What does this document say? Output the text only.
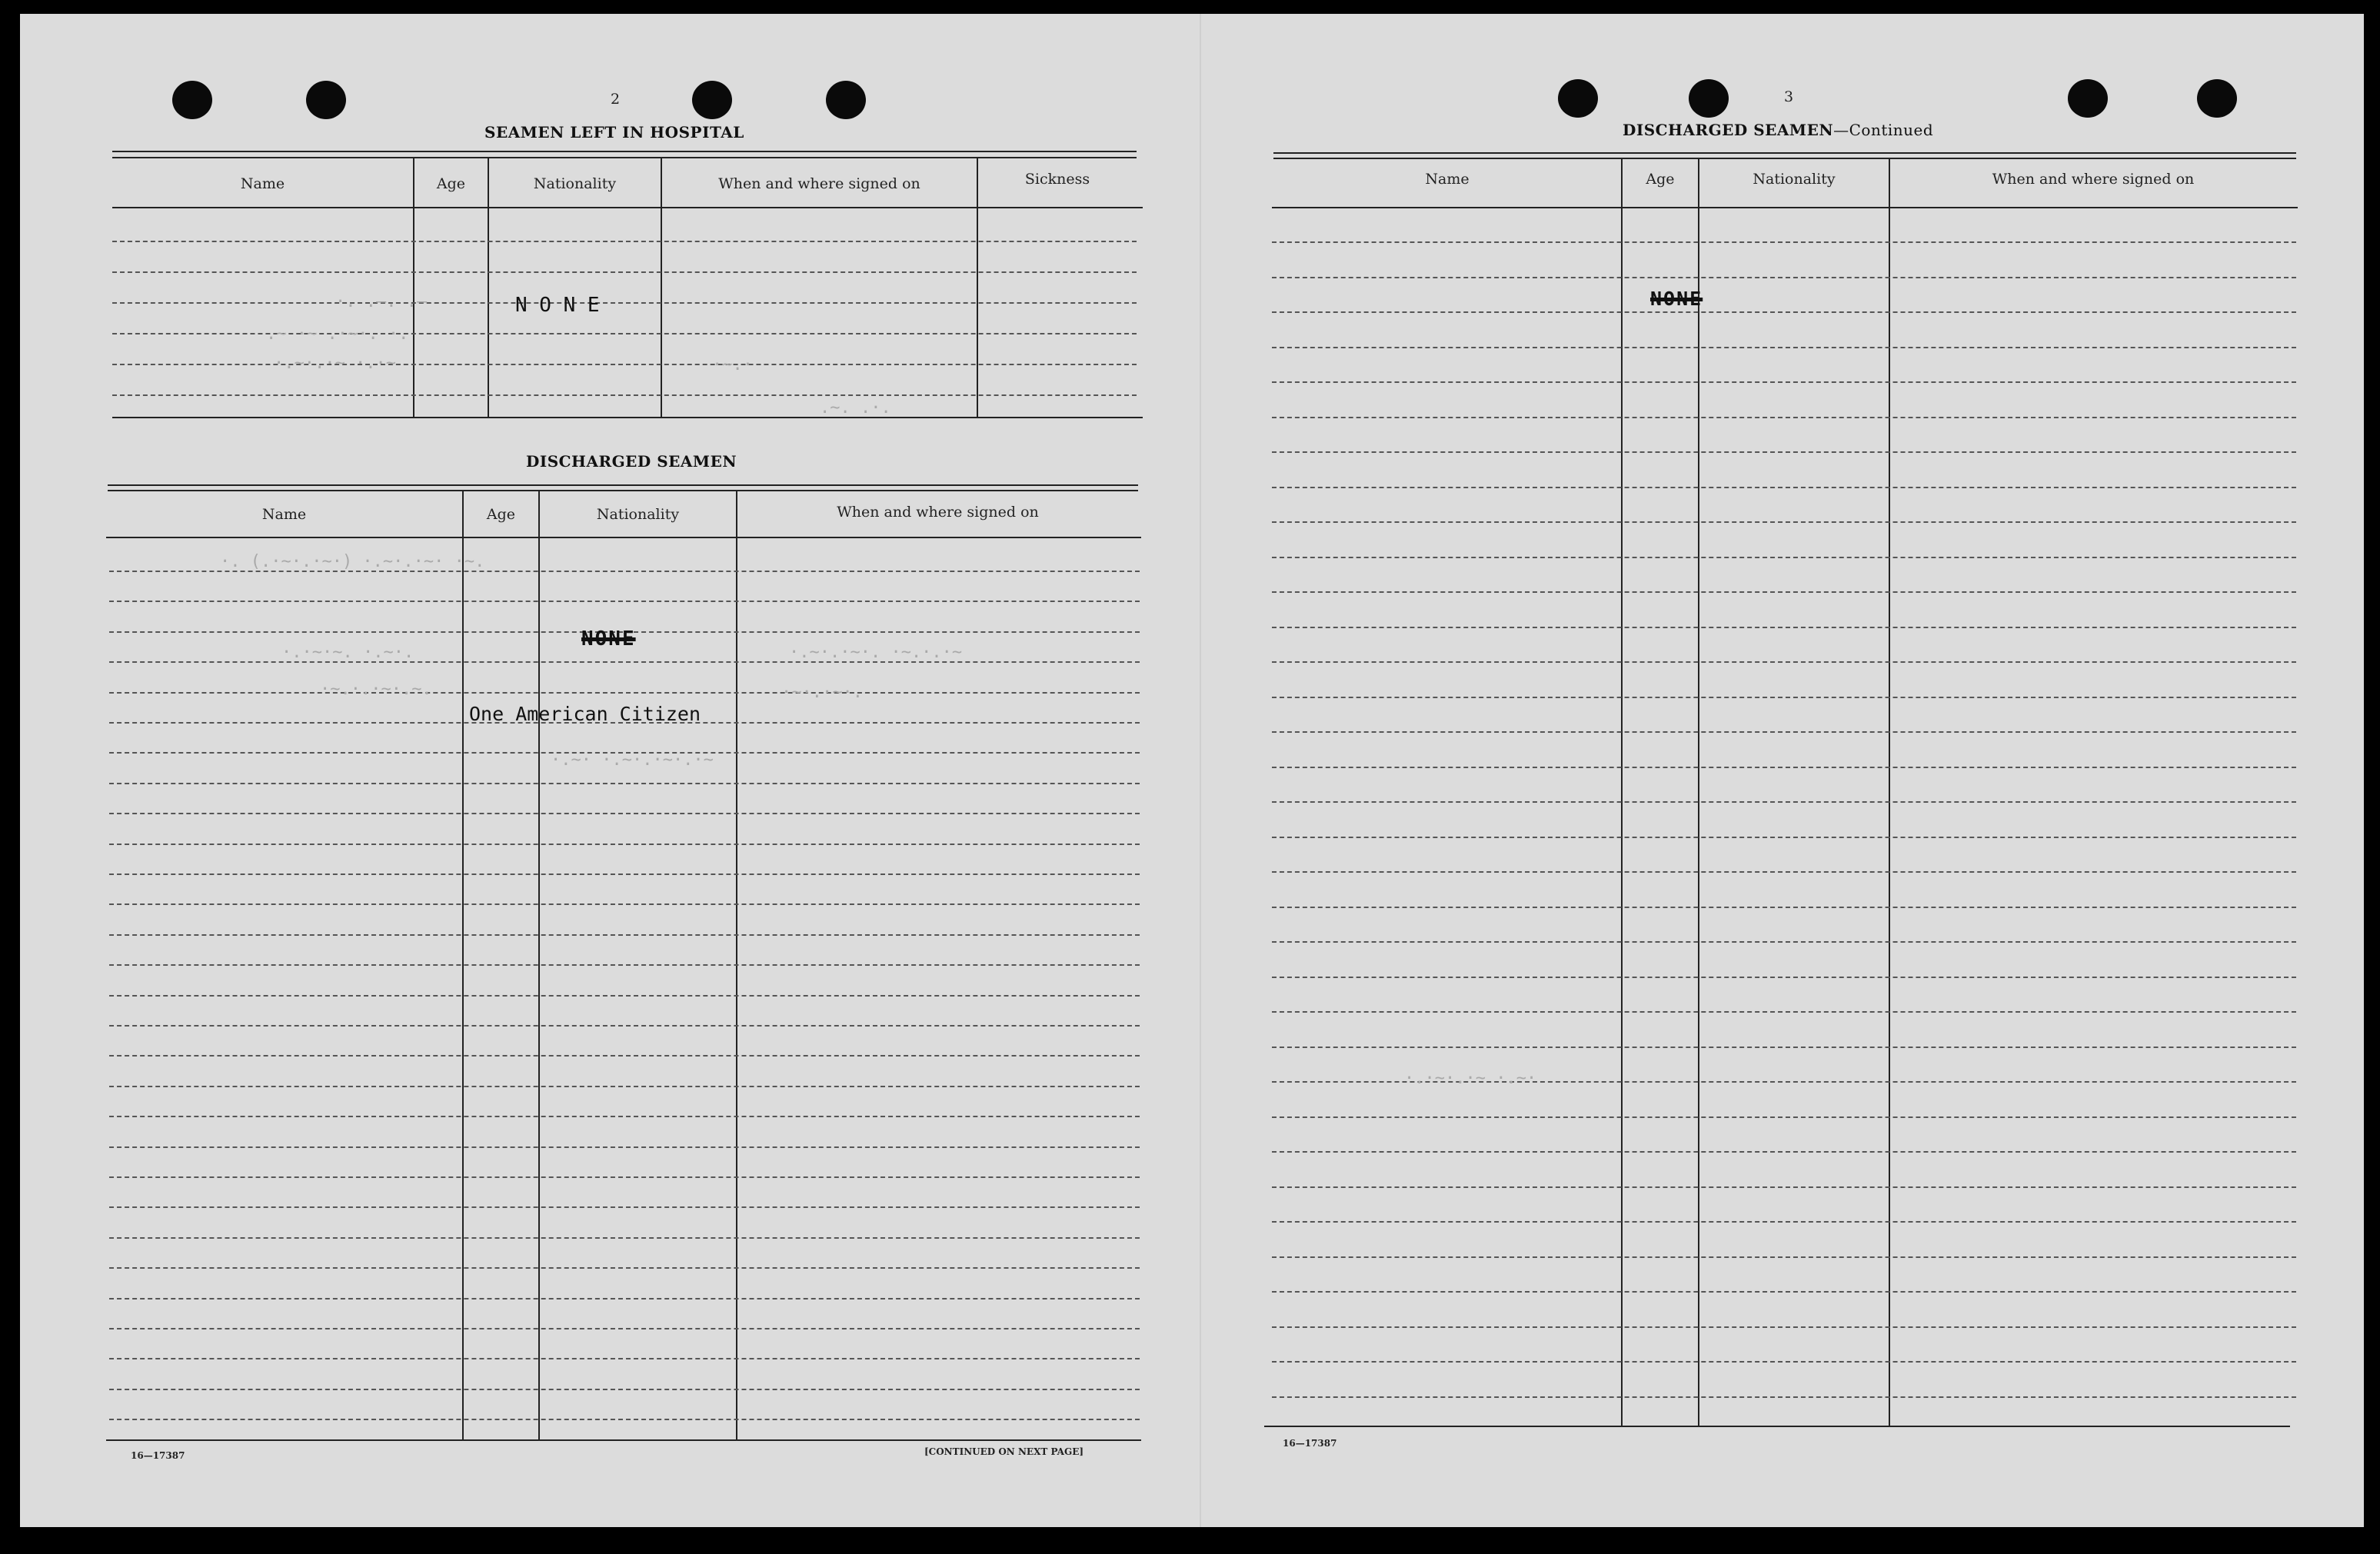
2
SEAMEN LEFT IN HOSPITAL
Name	Age	Nationality	When and where signed on	Sickness
N O N E
·. .—. .—
.~ ·~ .·~·. ·.
·.~·.·~ ·.·~	·~.·
.~. .·.
DISCHARGED SEAMEN
Name	Age	Nationality	When and where signed on
NONE
One American Citizen
·. (.·~·.·~·) ·.~·.·~· ·~.
·.·~·~. ·.~·.
·~.·.·~·.~.
·.~·.·~·. ·~.·.·~
·~·.·~·.
·.~· ·.~·.·~·.·~
16—17387	[CONTINUED ON NEXT PAGE]
3
DISCHARGED SEAMEN—Continued
Name	Age	Nationality	When and where signed on
NONE
·.·~·.·~ ·.~·
16—17387
